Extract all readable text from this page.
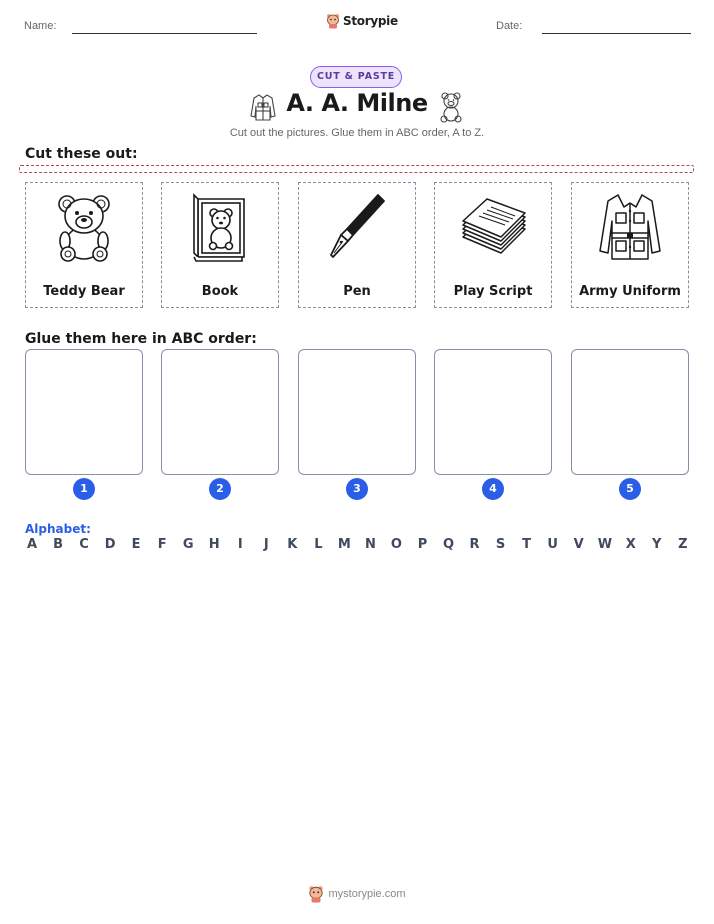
Name:	Storypie	Date:
CUT & PASTE
A. A. Milne
Cut out the pictures. Glue them in ABC order, A to Z.
Cut these out:
Teddy Bear	Book	Pen	Play Script	Army Uniform
Glue them here in ABC order:
1	2	3	4	5
Alphabet:
A B C D E F G H	I	J	K L M N O P Q R S T U V W X Y Z
mystorypie.com
